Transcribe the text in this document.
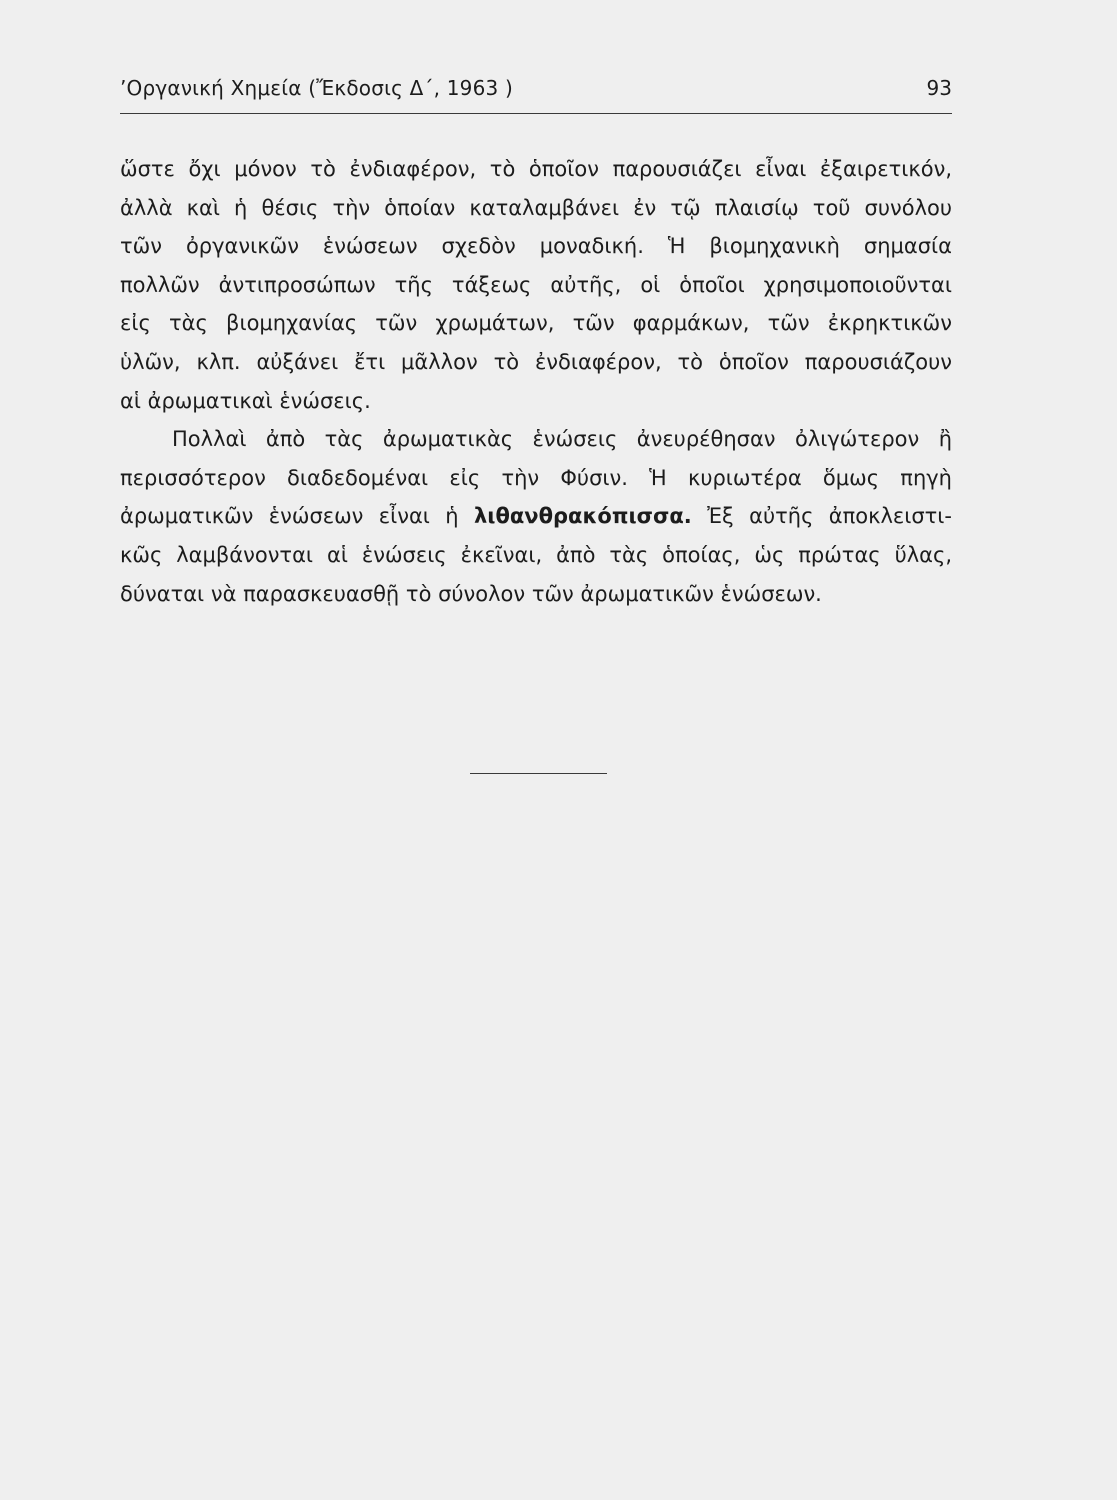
’Οργανική Χημεία (Ἔκδοσις Δ΄, 1963 )	93
ὥστε ὄχι μόνον τὸ ἐνδιαφέρον, τὸ ὁποῖον παρουσιάζει εἶναι ἐξαιρετικόν,
ἀλλὰ καὶ ἡ θέσις τὴν ὁποίαν καταλαμβάνει ἐν τῷ πλαισίῳ τοῦ συνόλου
τῶν ὀργανικῶν ἑνώσεων σχεδὸν μοναδική. Ἡ βιομηχανικὴ σημασία
πολλῶν ἀντιπροσώπων τῆς τάξεως αὐτῆς, οἱ ὁποῖοι χρησιμοποιοῦνται
εἰς τὰς βιομηχανίας τῶν χρωμάτων, τῶν φαρμάκων, τῶν ἐκρηκτικῶν
ὑλῶν, κλπ. αὐξάνει ἔτι μᾶλλον τὸ ἐνδιαφέρον, τὸ ὁποῖον παρουσιάζουν
αἱ ἀρωματικαὶ ἑνώσεις.
Πολλαὶ ἀπὸ τὰς ἀρωματικὰς ἑνώσεις ἀνευρέθησαν ὀλιγώτερον ἢ
περισσότερον διαδεδομέναι εἰς τὴν Φύσιν. Ἡ κυριωτέρα ὅμως πηγὴ
ἀρωματικῶν ἑνώσεων εἶναι ἡ λιθανθρακόπισσα. Ἐξ αὐτῆς ἀποκλειστι-
κῶς λαμβάνονται αἱ ἑνώσεις ἐκεῖναι, ἀπὸ τὰς ὁποίας, ὡς πρώτας ὕλας,
δύναται νὰ παρασκευασθῇ τὸ σύνολον τῶν ἀρωματικῶν ἑνώσεων.
